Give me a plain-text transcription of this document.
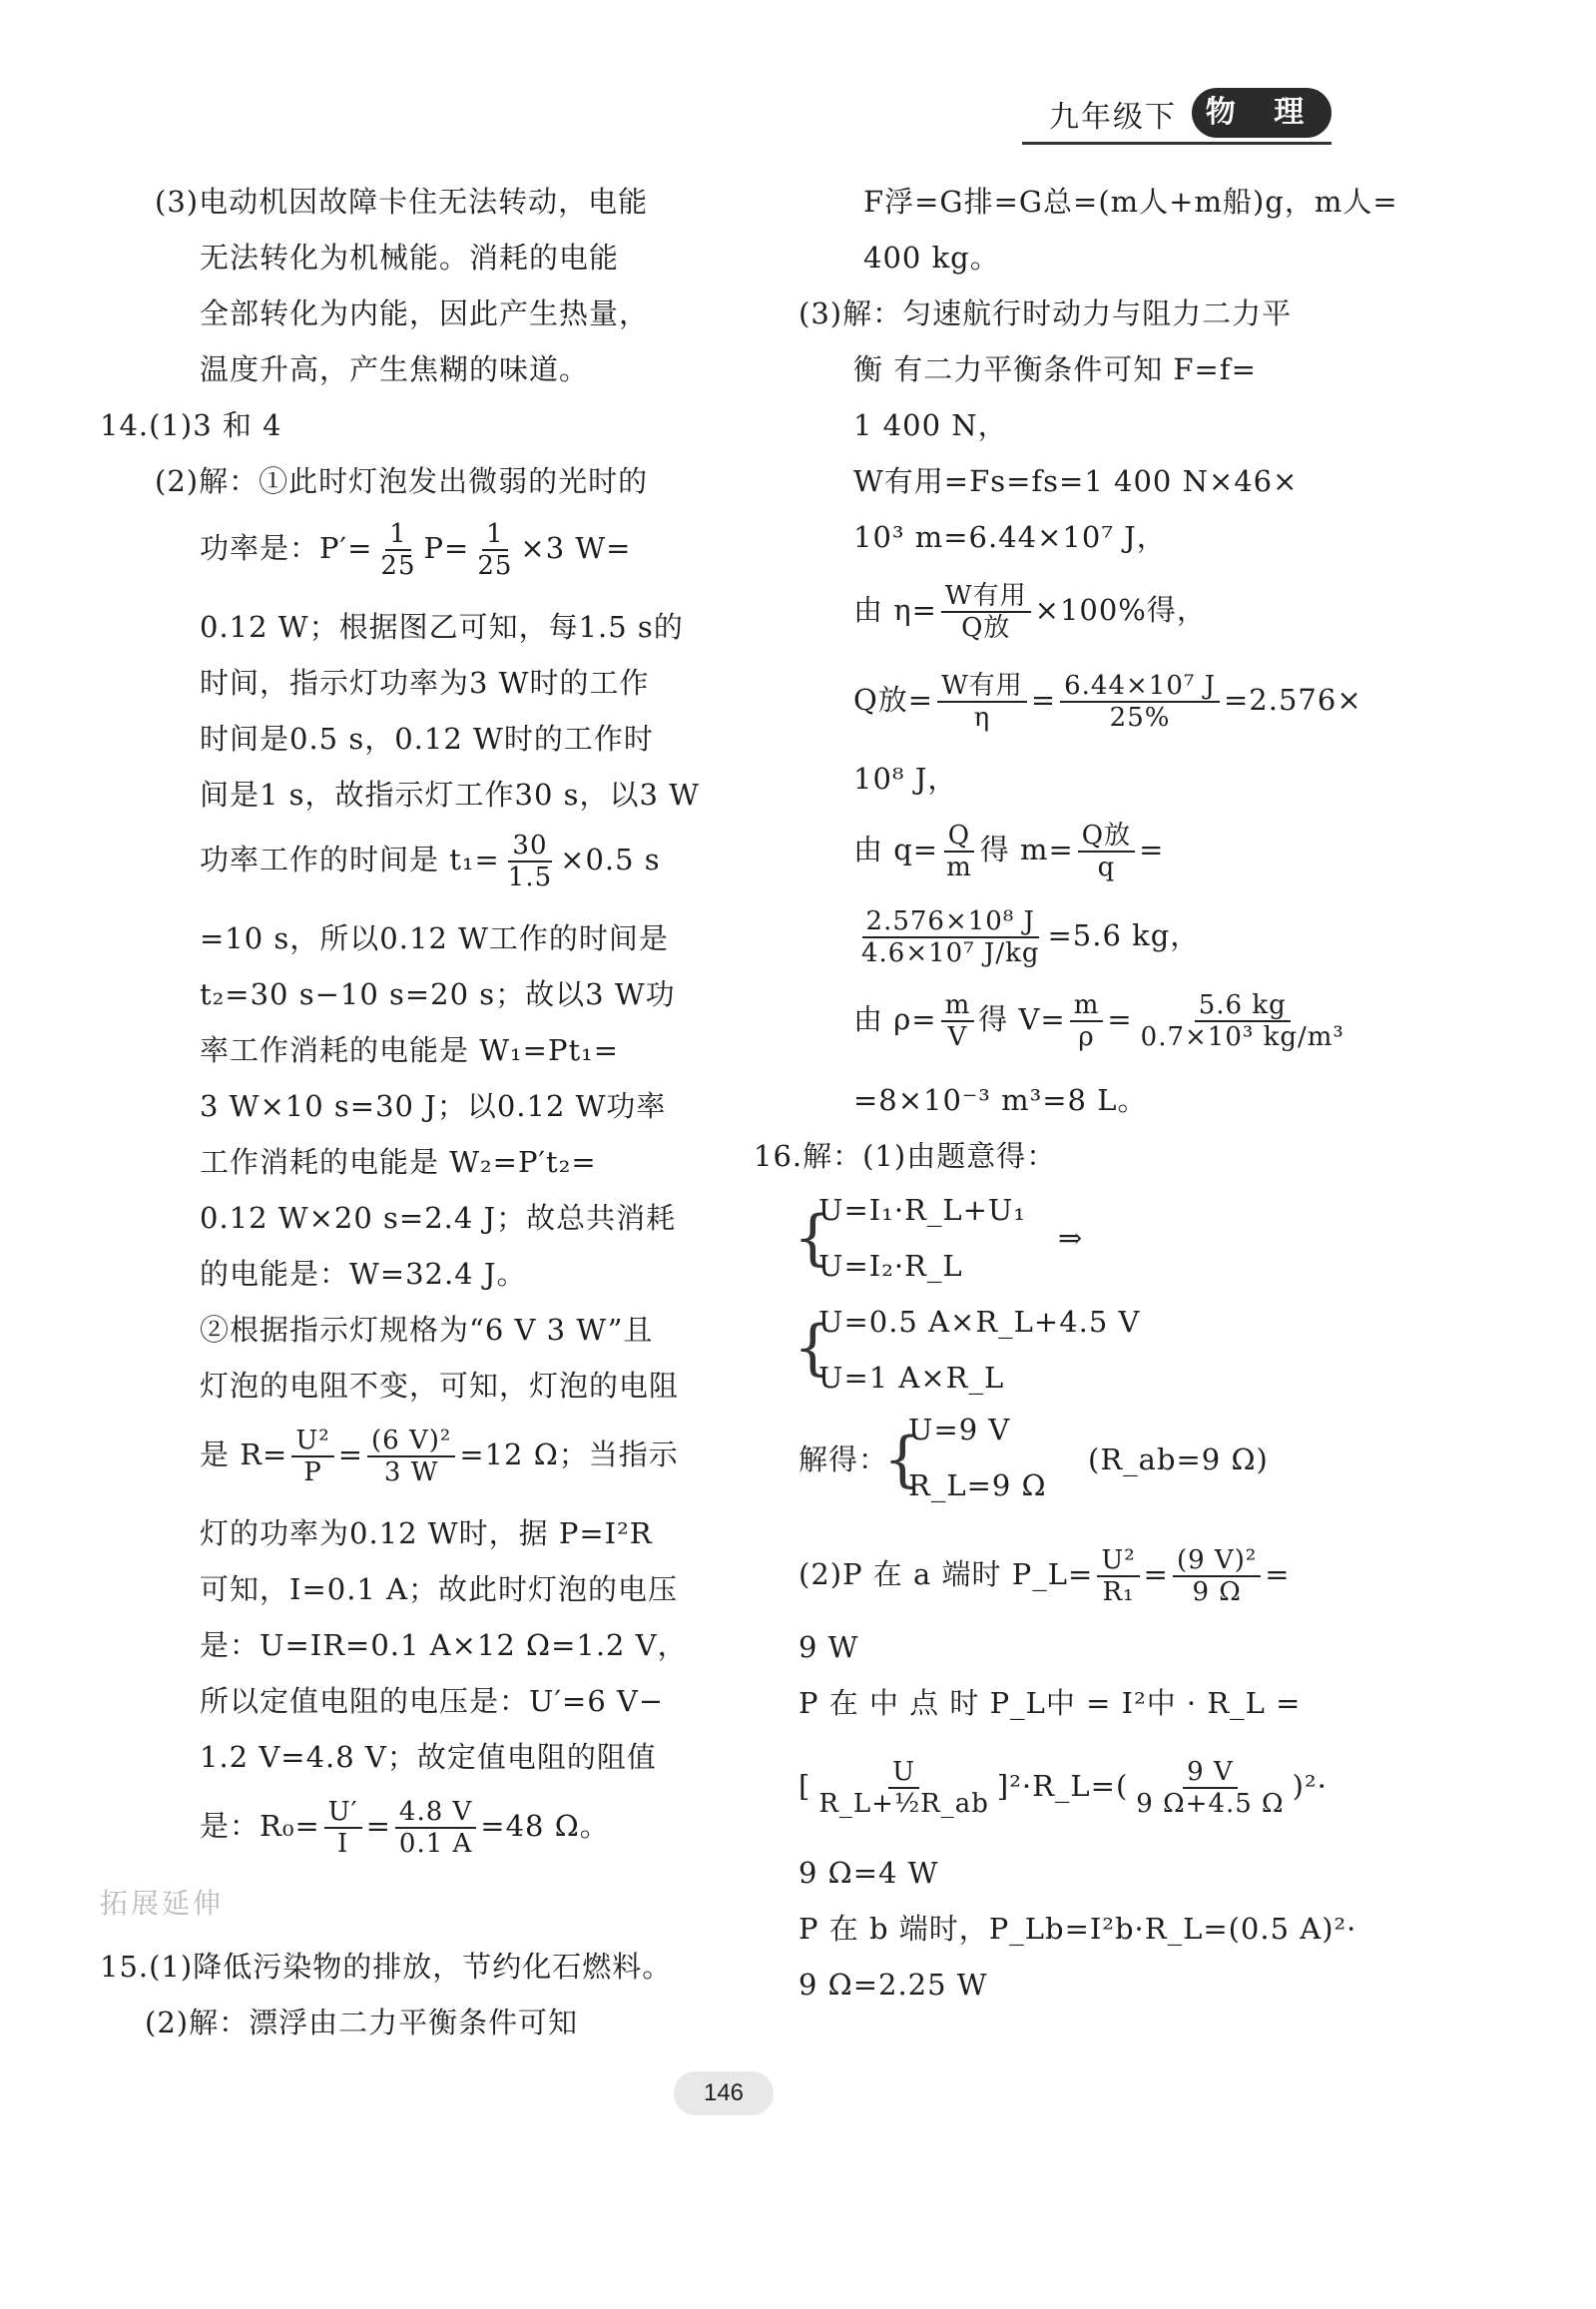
九年级下 物 理
(3)电动机因故障卡住无法转动，电能
无法转化为机械能。消耗的电能
全部转化为内能，因此产生热量，
温度升高，产生焦糊的味道。
14.(1)3 和 4
(2)解：①此时灯泡发出微弱的光时的
功率是：$P'= \frac{1}{25} P= \frac{1}{25} \times 3$ W=
0.12 W；根据图乙可知，每1.5 s的
时间，指示灯功率为3 W时的工作
时间是0.5 s，0.12 W时的工作时
间是1 s，故指示灯工作30 s，以3 W
功率工作的时间是 $t_1= \frac{30}{1.5} \times 0.5$ s
=10 s，所以0.12 W工作的时间是
t₂=30 s−10 s=20 s；故以3 W功
率工作消耗的电能是 W₁=Pt₁=
3 W×10 s=30 J；以0.12 W功率
工作消耗的电能是 W₂=P′t₂=
0.12 W×20 s=2.4 J；故总共消耗
的电能是：W=32.4 J。
②根据指示灯规格为“6 V 3 W”且
灯泡的电阻不变，可知，灯泡的电阻
是 $R= \frac{\text{U²}}{P} = \frac{\text{(6 V)²}}{3 W} =12$ Ω；当指示
灯的功率为0.12 W时，据 P=I²R
可知，I=0.1 A；故此时灯泡的电压
是：U=IR=0.1 A×12 Ω=1.2 V，
所以定值电阻的电压是：U′=6 V−
1.2 V=4.8 V；故定值电阻的阻值
是：$R_0= \frac{U'}{I} = \frac{4.8 V}{0.1 A} =48$ Ω。
15.(1)降低污染物的排放，节约化石燃料。
(2)解：漂浮由二力平衡条件可知
拓展延伸
F浮=G排=G总=(m人+m船)g，m人=
400 kg。
(3)解：匀速航行时动力与阻力二力平
衡 有二力平衡条件可知 F=f=
1 400 N，
W有用=Fs=fs=1 400 N×46×
10³ m=6.44×10⁷ J，
由 $\eta= \frac{\text{W有用}}{\text{Q放}} \times 100\%$得，
Q放= $\frac{\text{W有用}}{\eta} = \frac{\text{6.44×10⁷ J}}{25\%} =2.576\times$
10⁸ J，
由 $q= \frac{Q}{m}$ 得 $m= \frac{\text{Q放}}{q}$ =
$\frac{\text{2.576×10⁸ J}}{\text{4.6×10⁷ J/kg}} =5.6$ kg，
由 $\rho= \frac{m}{V}$ 得 $V= \frac{m}{\rho} = \frac{5.6 kg}{\text{0.7×10³ kg/m³}}$
=8×10⁻³ m³=8 L。
16.解：(1)由题意得：
{
U=I₁·R_L+U₁
U=I₂·R_L
⇒
{
U=0.5 A×R_L+4.5 V
U=1 A×R_L
解得：
{
U=9 V
R_L=9 Ω
(R_ab=9 Ω)
(2)P 在 a 端时 P_L= $\frac{\text{U²}}{\text{R₁}} = \frac{\text{(9 V)²}}{9 \Omega}$ =
9 W
P 在 中 点 时 P_L中 = I²中 · R_L =
[ $\frac{U}{\text{R\_L+½R\_ab}}$ ]²·R_L=( $\frac{9 V}{9 \Omega+4.5 \Omega} )^2\cdot$
9 Ω=4 W
P 在 b 端时，P_Lb=I²b·R_L=(0.5 A)²·
9 Ω=2.25 W
146
